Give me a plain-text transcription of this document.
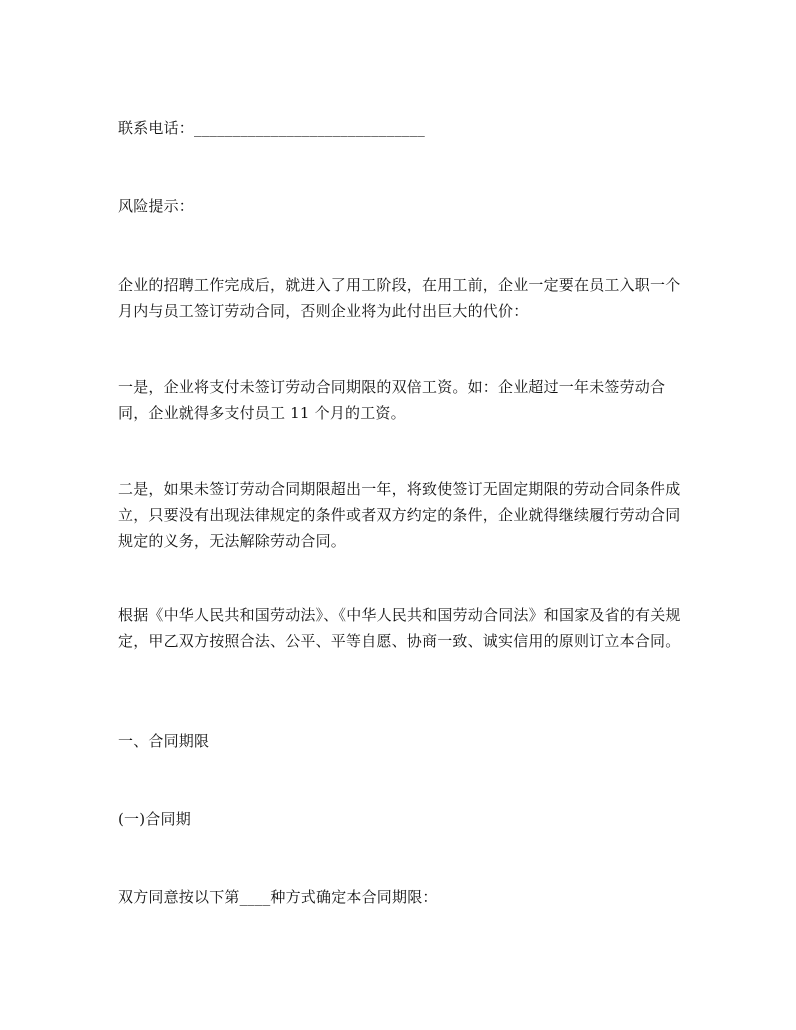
联系电话：______________________________
风险提示：
企业的招聘工作完成后，就进入了用工阶段，在用工前，企业一定要在员工入职一个月内与员工签订劳动合同，否则企业将为此付出巨大的代价：
一是，企业将支付未签订劳动合同期限的双倍工资。如：企业超过一年未签劳动合同，企业就得多支付员工 11 个月的工资。
二是，如果未签订劳动合同期限超出一年，将致使签订无固定期限的劳动合同条件成立，只要没有出现法律规定的条件或者双方约定的条件，企业就得继续履行劳动合同规定的义务，无法解除劳动合同。
根据《中华人民共和国劳动法》、《中华人民共和国劳动合同法》和国家及省的有关规定，甲乙双方按照合法、公平、平等自愿、协商一致、诚实信用的原则订立本合同。
一、合同期限
(一)合同期
双方同意按以下第____种方式确定本合同期限：
